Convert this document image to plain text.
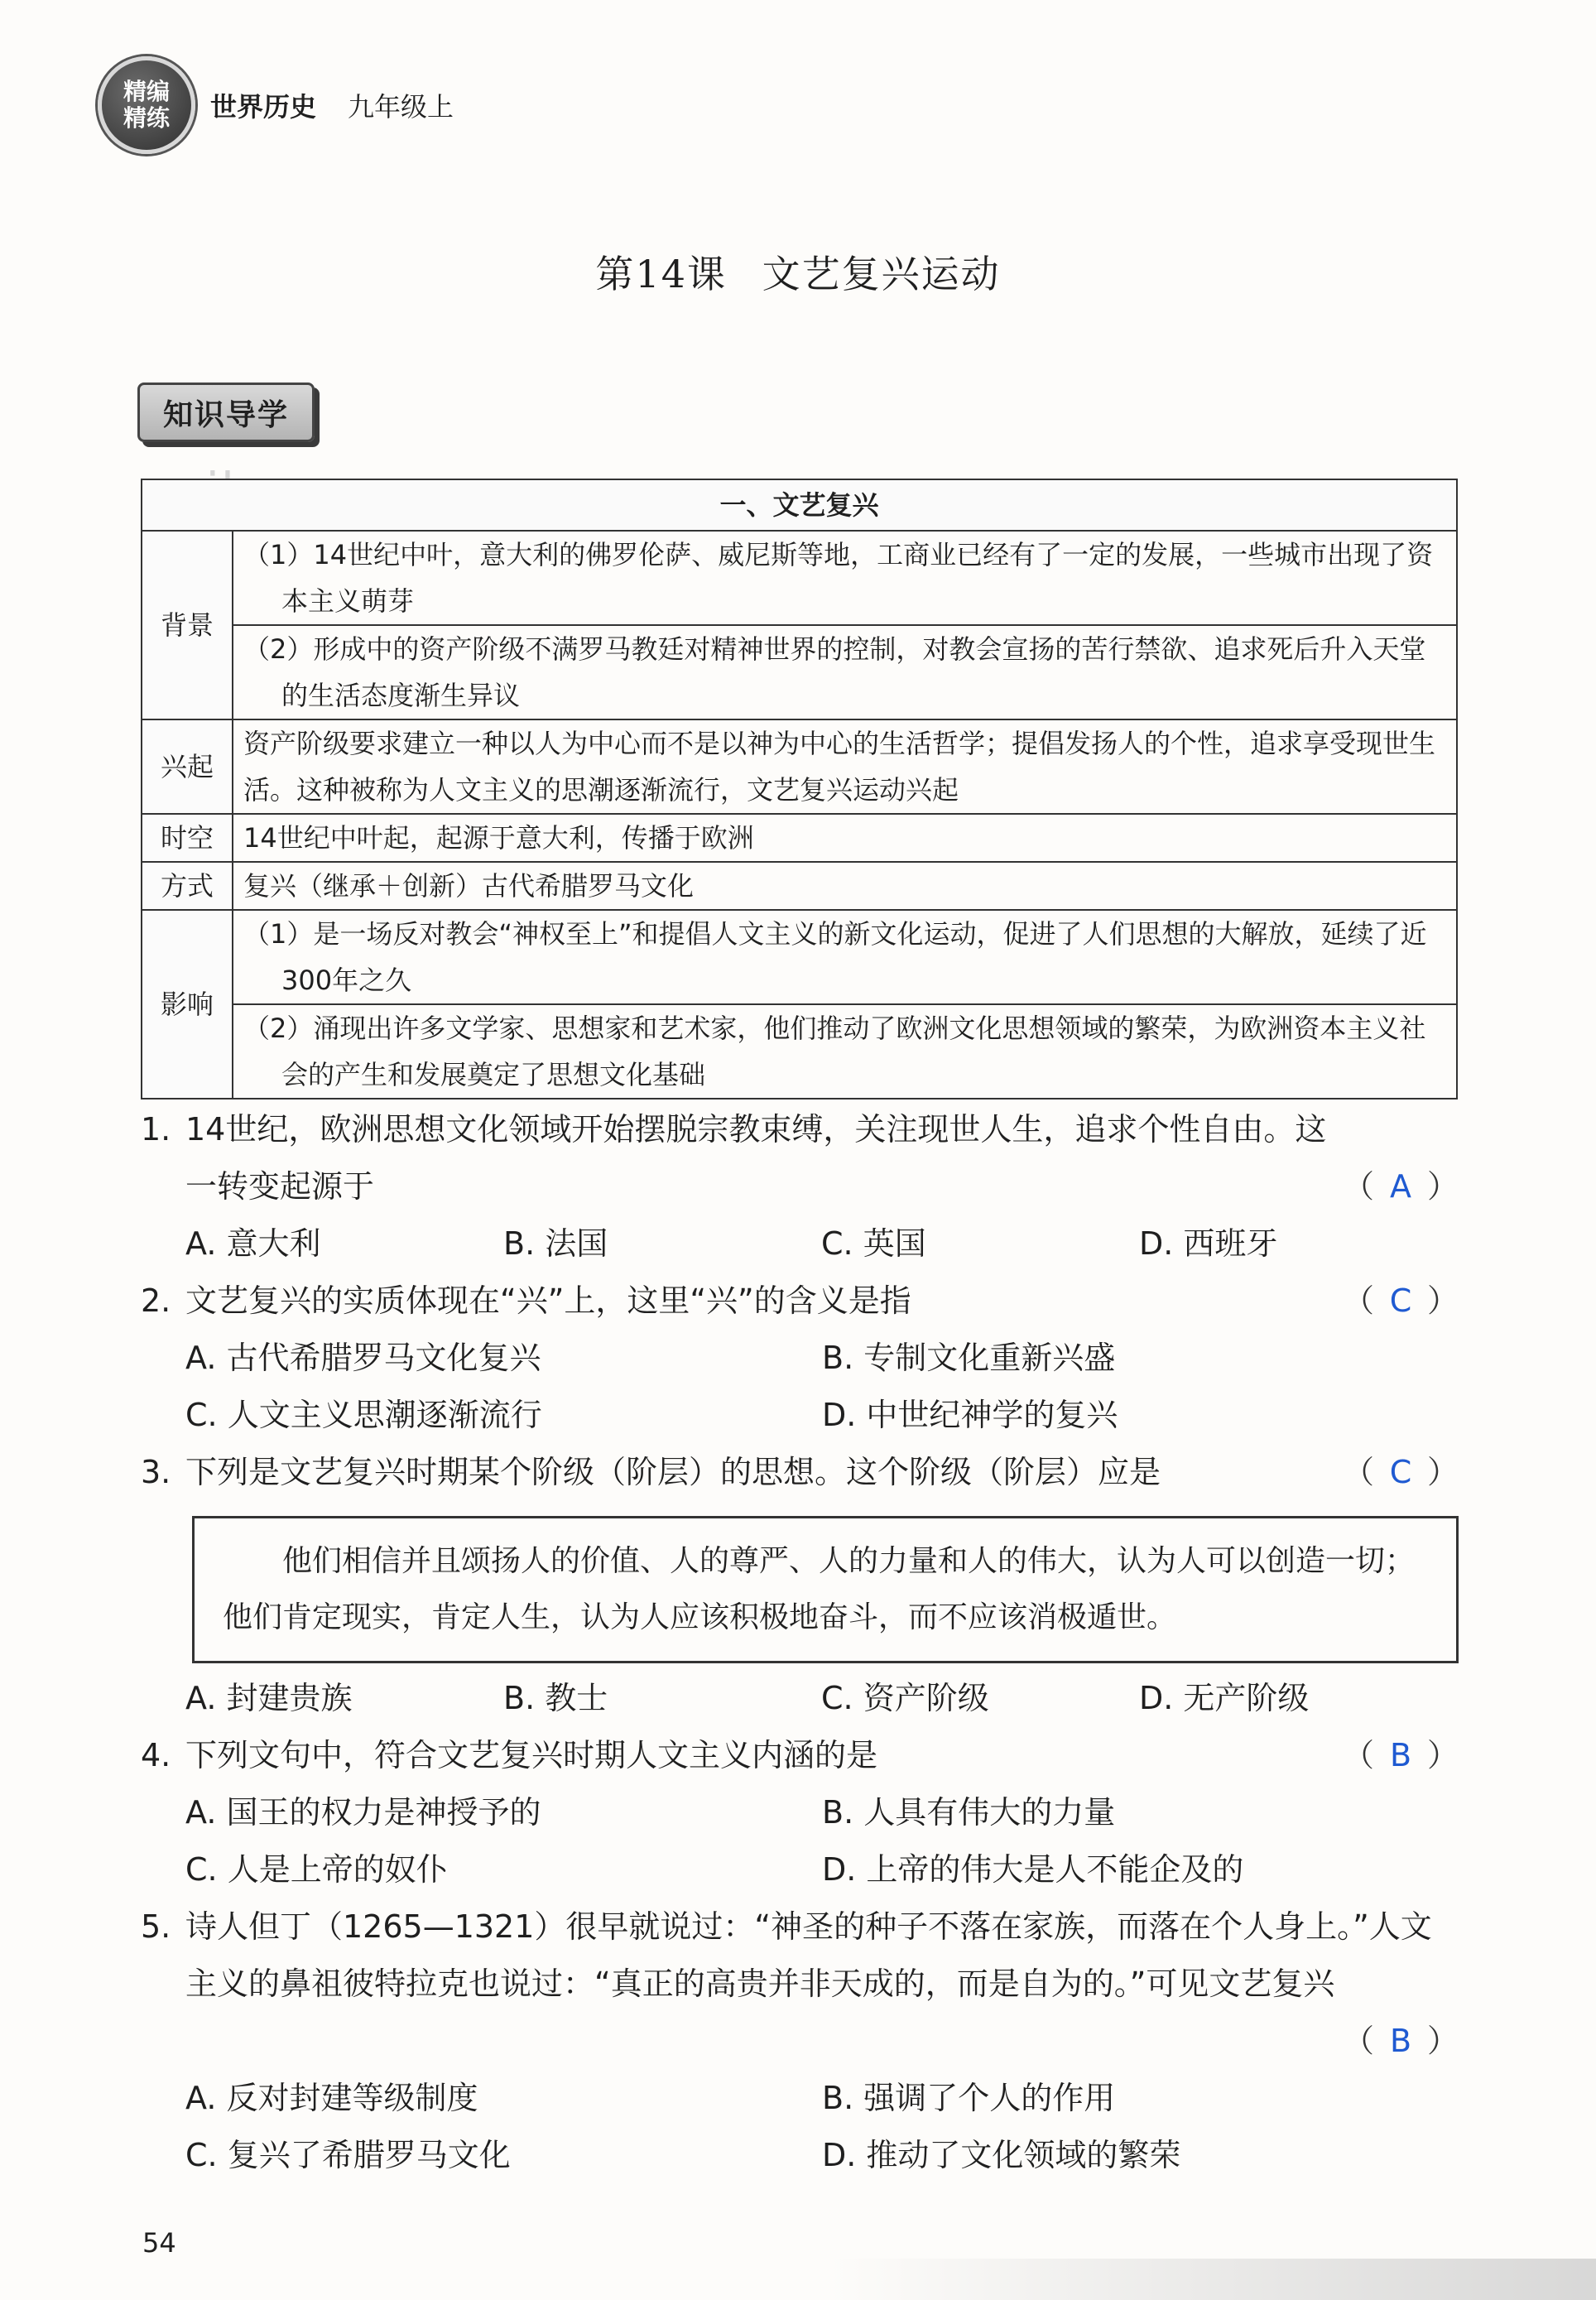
精编
精练 世界历史 九年级上
第14课 文艺复兴运动
知识导学
一、文艺复兴	
背景	（1）14世纪中叶，意大利的佛罗伦萨、威尼斯等地，工商业已经有了一定的发展，一些城市出现了资本主义萌芽
	（2）形成中的资产阶级不满罗马教廷对精神世界的控制，对教会宣扬的苦行禁欲、追求死后升入天堂的生活态度渐生异议
兴起	资产阶级要求建立一种以人为中心而不是以神为中心的生活哲学；提倡发扬人的个性，追求享受现世生活。这种被称为人文主义的思潮逐渐流行，文艺复兴运动兴起
时空	14世纪中叶起，起源于意大利，传播于欧洲
方式	复兴（继承＋创新）古代希腊罗马文化
影响	（1）是一场反对教会“神权至上”和提倡人文主义的新文化运动，促进了人们思想的大解放，延续了近300年之久
	（2）涌现出许多文学家、思想家和艺术家，他们推动了欧洲文化思想领域的繁荣，为欧洲资本主义社会的产生和发展奠定了思想文化基础
1. 14世纪，欧洲思想文化领域开始摆脱宗教束缚，关注现世人生，追求个性自由。这一转变起源于	（ A ）
A. 意大利	B. 法国	C. 英国	D. 西班牙
2. 文艺复兴的实质体现在“兴”上，这里“兴”的含义是指	（ C ）
A. 古代希腊罗马文化复兴	B. 专制文化重新兴盛
C. 人文主义思潮逐渐流行	D. 中世纪神学的复兴
3. 下列是文艺复兴时期某个阶级（阶层）的思想。这个阶级（阶层）应是	（ C ）
他们相信并且颂扬人的价值、人的尊严、人的力量和人的伟大，认为人可以创造一切；他们肯定现实，肯定人生，认为人应该积极地奋斗，而不应该消极遁世。
A. 封建贵族	B. 教士	C. 资产阶级	D. 无产阶级
4. 下列文句中，符合文艺复兴时期人文主义内涵的是	（ B ）
A. 国王的权力是神授予的	B. 人具有伟大的力量
C. 人是上帝的奴仆	D. 上帝的伟大是人不能企及的
5. 诗人但丁（1265—1321）很早就说过：“神圣的种子不落在家族，而落在个人身上。”人文主义的鼻祖彼特拉克也说过：“真正的高贵并非天成的，而是自为的。”可见文艺复兴
（ B ）
A. 反对封建等级制度	B. 强调了个人的作用
C. 复兴了希腊罗马文化	D. 推动了文化领域的繁荣
54
